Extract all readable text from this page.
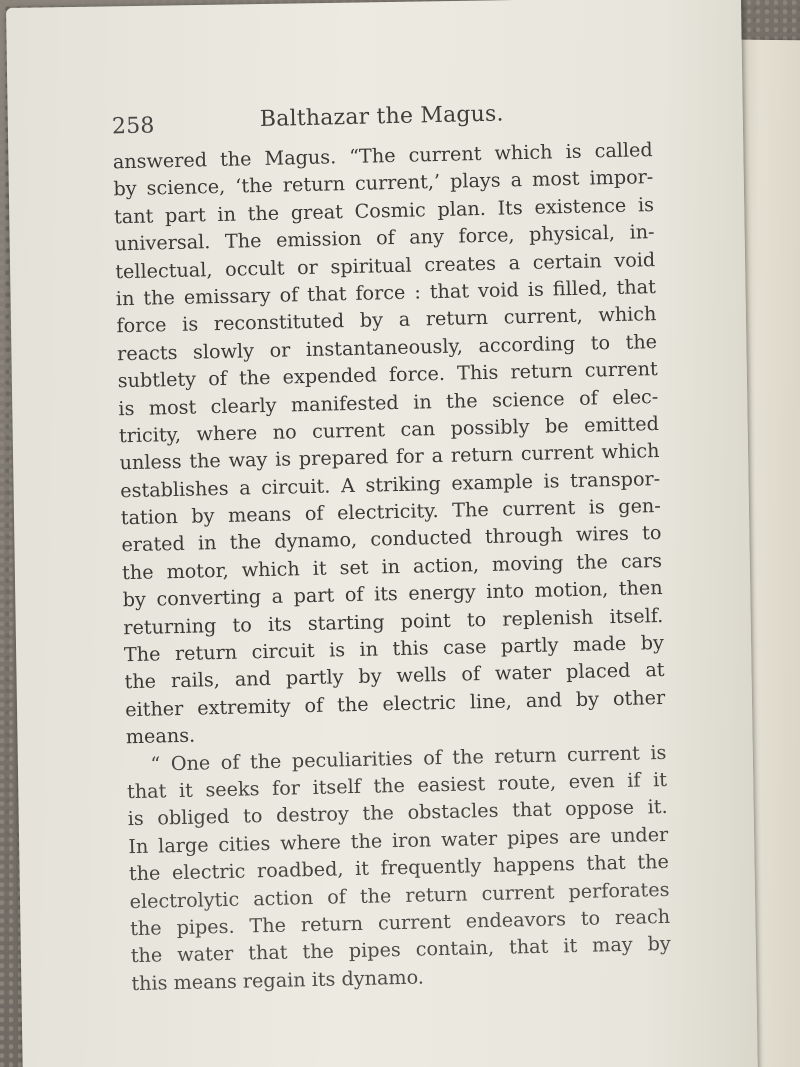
258	Balthazar the Magus.
answered the Magus. “The current which is called
by science, ‘the return current,’ plays a most impor-
tant part in the great Cosmic plan. Its existence is
universal. The emission of any force, physical, in-
tellectual, occult or spiritual creates a certain void
in the emissary of that force : that void is filled, that
force is reconstituted by a return current, which
reacts slowly or instantaneously, according to the
subtlety of the expended force. This return current
is most clearly manifested in the science of elec-
tricity, where no current can possibly be emitted
unless the way is prepared for a return current which
establishes a circuit. A striking example is transpor-
tation by means of electricity. The current is gen-
erated in the dynamo, conducted through wires to
the motor, which it set in action, moving the cars
by converting a part of its energy into motion, then
returning to its starting point to replenish itself.
The return circuit is in this case partly made by
the rails, and partly by wells of water placed at
either extremity of the electric line, and by other
means.
“ One of the peculiarities of the return current is
that it seeks for itself the easiest route, even if it
is obliged to destroy the obstacles that oppose it.
In large cities where the iron water pipes are under
the electric roadbed, it frequently happens that the
electrolytic action of the return current perforates
the pipes. The return current endeavors to reach
the water that the pipes contain, that it may by
this means regain its dynamo.
